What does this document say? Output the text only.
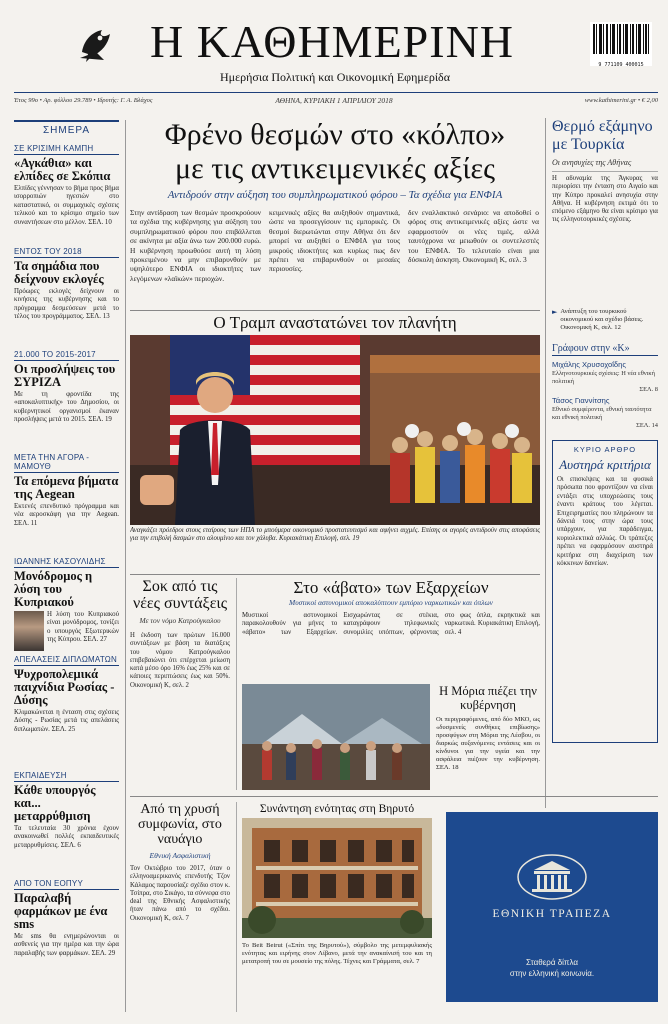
Η ΚΑΘΗΜΕΡΙΝΗ
Ημερήσια Πολιτική και Οικονομική Εφημερίδα
9 771109 400015
Έτος 99ο • Αρ. φύλλου 29.789 • Ιδρυτής: Γ. Α. Βλάχος	ΑΘΗΝΑ, ΚΥΡΙΑΚΗ 1 ΑΠΡΙΛΙΟΥ 2018	www.kathimerini.gr • € 2,00
ΣΗΜΕΡΑ
ΣΕ ΚΡΙΣΙΜΗ ΚΑΜΠΗ
«Αγκάθια» και ελπίδες σε Σκόπια
Ελπίδες γέννησαν το βήμα προς βήμα ισορροπιών ηγεσιών στο καταστατικό, οι συμμαχικές σχέσεις τελικού και το κρίσιμο σημείο των συναντήσεων στο μέλλον. ΣΕΛ. 10
ΕΝΤΟΣ ΤΟΥ 2018
Τα σημάδια που δείχνουν εκλογές
Πρόωρες εκλογές δείχνουν οι κινήσεις της κυβέρνησης και το πρόγραμμα δεσμεύσεων μετά το τέλος του προγράμματος. ΣΕΛ. 13
21.000 ΤΟ 2015-2017
Οι προσλήψεις του ΣΥΡΙΖΑ
Με τη φροντίδα της «αποκαλυπτικής» του Δημοσίου, οι κυβερνητικοί οργανισμοί έκαναν προσλήψεις μετά το 2015. ΣΕΛ. 19
ΜΕΤΑ ΤΗΝ ΑΓΟΡΑ - ΜΑΜΟΥΘ
Τα επόμενα βήματα της Aegean
Εκτενές επενδυτικό πρόγραμμα και νέα αεροσκάφη για την Aegean. ΣΕΛ. 11
ΙΩΑΝΝΗΣ ΚΑΣΟΥΛΙΔΗΣ
Μονόδρομος η λύση του Κυπριακού
Η λύση του Κυπριακού είναι μονόδρομος, τονίζει ο υπουργός Εξωτερικών της Κύπρου. ΣΕΛ. 27
ΑΠΕΛΑΣΕΙΣ ΔΙΠΛΩΜΑΤΩΝ
Ψυχροπολεμικά παιχνίδια Ρωσίας - Δύσης
Κλιμακώνεται η ένταση στις σχέσεις Δύσης - Ρωσίας μετά τις απελάσεις διπλωματών. ΣΕΛ. 25
ΕΚΠΑΙΔΕΥΣΗ
Κάθε υπουργός και... μεταρρύθμιση
Τα τελευταία 30 χρόνια έχουν ανακοινωθεί πολλές εκπαιδευτικές μεταρρυθμίσεις. ΣΕΛ. 6
ΑΠΟ ΤΟΝ ΕΟΠΥΥ
Παραλαβή φαρμάκων με ένα sms
Με sms θα ενημερώνονται οι ασθενείς για την ημέρα και την ώρα παραλαβής των φαρμάκων. ΣΕΛ. 29
Φρένο θεσμών στο «κόλπο»
με τις αντικειμενικές αξίες
Αντιδρούν στην αύξηση του συμπληρωματικού φόρου – Τα σχέδια για ΕΝΦΙΑ
Στην αντίδραση των θεσμών προσκρούουν τα σχέδια της κυβέρνησης για αύξηση του συμπληρωματικού φόρου που επιβάλλεται σε ακίνητα με αξία άνω των 200.000 ευρώ. Η κυβέρνηση προωθούσε αυτή τη λύση προκειμένου να μην επιβαρυνθούν με υψηλότερο ΕΝΦΙΑ οι ιδιοκτήτες των λεγόμενων «λαϊκών» περιοχών.
κειμενικές αξίες θα αυξηθούν σημαντικά, ώστε να προσεγγίσουν τις εμπορικές. Οι θεσμοί διερωτώνται στην Αθήνα ότι δεν μπορεί να αυξηθεί ο ΕΝΦΙΑ για τους μικρούς ιδιοκτήτες και κυρίως πως δεν πρέπει να επιβαρυνθούν οι μεσαίες περιουσίες.
δεν εναλλακτικό σενάριο: να αποδοθεί ο φόρος στις αντικειμενικές αξίες ώστε να εφαρμοστούν οι νέες τιμές, αλλά ταυτόχρονα να μειωθούν οι συντελεστές του ΕΝΦΙΑ. Το τελευταίο είναι μια δύσκολη άσκηση. Οικονομική Κ, σελ. 3
Ο Τραμπ αναστατώνει τον πλανήτη
Αναγκάζει πρόεδροι στους εταίρους των ΗΠΑ το μπούμερα οικονομικό προστατευτισμό και αφήνει αιχμές. Επίσης οι αγορές αντιδρούν στις αποφάσεις για την επιβολή δασμών στο αλουμίνιο και τον χάλυβα. Κυριακάτικη Επιλογή, σελ. 19
Θερμό εξάμηνο με Τουρκία
Οι ανησυχίες της Αθήνας
Η αδυναμία της Άγκυρας να περιορίσει την ένταση στο Αιγαίο και την Κύπρο προκαλεί ανησυχία στην Αθήνα. Η κυβέρνηση εκτιμά ότι το επόμενο εξάμηνο θα είναι κρίσιμο για τις ελληνοτουρκικές σχέσεις.
► Ανάπτυξη του τουρκικού οικονομικού και σχέδιο βάσεις. Οικονομική Κ, σελ. 12
Γράφουν στην «Κ»
Μιχάλης Χρυσοχοΐδης
Ελληνοτουρκικές σχέσεις: Η νέα εθνική πολιτική
ΣΕΛ. 8
Τάσος Γιαννίτσης
Εθνικό συμφέροντα, εθνική ταυτότητα και εθνική πολιτική
ΣΕΛ. 14
ΚΥΡΙΟ ΑΡΘΡΟ
Αυστηρά κριτήρια
Οι επισκέψεις και τα φυσικά πρόσωπα που φροντίζουν να είναι εντάξει στις υποχρεώσεις τους έναντι κράτους του λέγεται. Επιχειρηματίες που πληρώνουν τα δάνειά τους στην ώρα τους υπάρχουν, για παράδειγμα, κυριολεκτικά αλλιώς. Οι τράπεζες πρέπει να εφαρμόσουν αυστηρά κριτήρια στη διαχείριση των κόκκινων δανείων.
Σοκ από τις νέες συντάξεις
Με τον νόμο Κατρούγκαλου
Η έκδοση των πρώτων 16.000 συντάξεων με βάση τα διατάξεις του νόμου Κατρούγκαλου επιβεβαιώνει ότι επέρχεται μείωση κατά μέσο όρο 16% έως 25% και σε κάποιες περιπτώσεις έως και 50%. Οικονομική Κ, σελ. 2
Στο «άβατο» των Εξαρχείων
Μυστικοί αστυνομικοί αποκαλύπτουν εμπόριο ναρκωτικών και όπλων
Μυστικοί αστυνομικοί παρακολουθούν για μήνες το «άβατο» των Εξαρχείων. Εισχωρώντας σε στέκια, καταγράφουν τηλεφωνικές συνομιλίες υπόπτων, φέρνοντας στο φως όπλα, εκρηκτικά και ναρκωτικά. Κυριακάτικη Επιλογή, σελ. 4
Η Μόρια πιέζει την κυβέρνηση
Οι περιγραφόμενες, από δύο ΜΚΟ, ως «δυσμενείς συνθήκες επιβίωσης» προσφύγων στη Μόρια της Λέσβου, οι διαρκώς αυξανόμενες εντάσεις και οι κίνδυνοι για την υγεία και την ασφάλεια πιέζουν την κυβέρνηση. ΣΕΛ. 18
Από τη χρυσή συμφωνία, στο ναυάγιο
Εθνική Ασφαλιστική
Τον Οκτώβριο του 2017, όταν ο ελληνοαμερικανός επενδυτής Τζον Κάλαμος παρουσίαζε σχέδιο στον κ. Τσίπρα, στο Σικάγο, τα σύννεφα στο deal της Εθνικής Ασφαλιστικής ήταν πάνω από το σχέδιο. Οικονομική Κ, σελ. 7
Συνάντηση ενότητας στη Βηρυτό
Το Beit Beirut («Σπίτι της Βηρυτού»), σύμβολο της μετεμφυλιακής ενότητας και ειρήνης στον Λίβανο, μετά την ανακαίνισή του και τη μετατροπή του σε μουσείο της πόλης. Τέχνες και Γράμματα, σελ. 7
ΕΘΝΙΚΗ ΤΡΑΠΕΖΑ
Σταθερά δίπλα
στην ελληνική κοινωνία.
